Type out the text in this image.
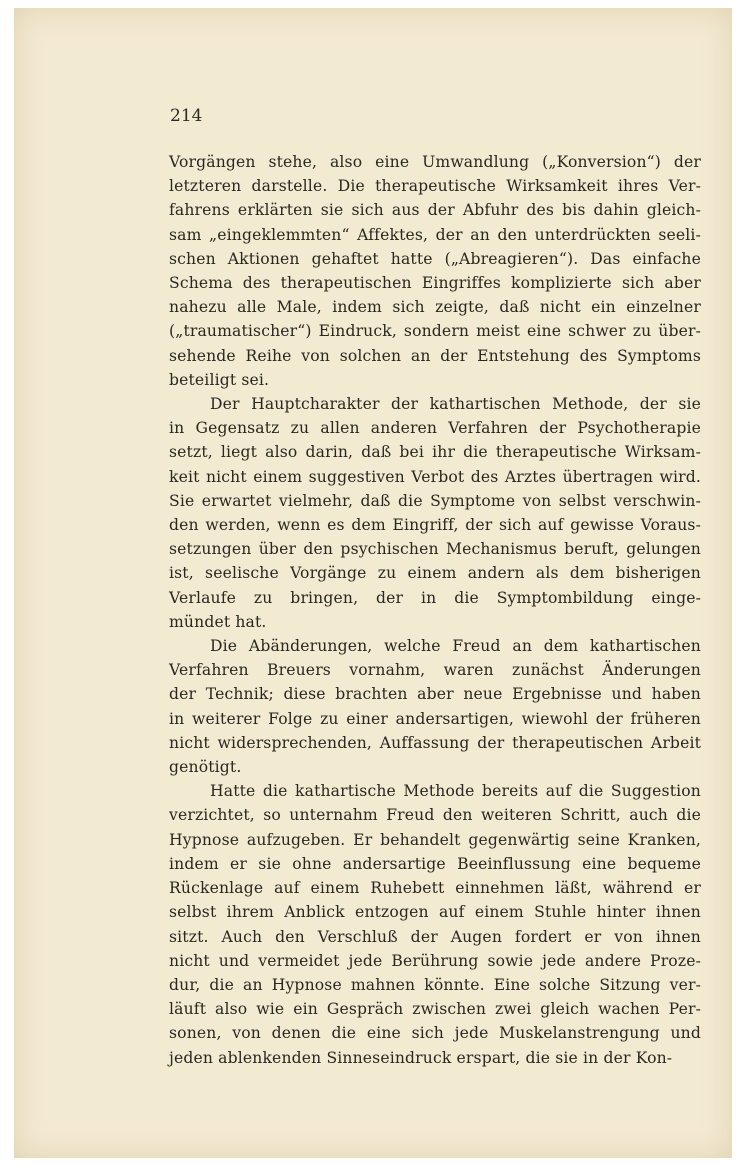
214
Vorgängen stehe, also eine Umwandlung („Konversion“) der
letzteren darstelle. Die therapeutische Wirksamkeit ihres Ver-
fahrens erklärten sie sich aus der Abfuhr des bis dahin gleich-
sam „eingeklemmten“ Affektes, der an den unterdrückten seeli-
schen Aktionen gehaftet hatte („Abreagieren“). Das einfache
Schema des therapeutischen Eingriffes komplizierte sich aber
nahezu alle Male, indem sich zeigte, daß nicht ein einzelner
(„traumatischer“) Eindruck, sondern meist eine schwer zu über-
sehende Reihe von solchen an der Entstehung des Symptoms
beteiligt sei.
Der Hauptcharakter der kathartischen Methode, der sie
in Gegensatz zu allen anderen Verfahren der Psychotherapie
setzt, liegt also darin, daß bei ihr die therapeutische Wirksam-
keit nicht einem suggestiven Verbot des Arztes übertragen wird.
Sie erwartet vielmehr, daß die Symptome von selbst verschwin-
den werden, wenn es dem Eingriff, der sich auf gewisse Voraus-
setzungen über den psychischen Mechanismus beruft, gelungen
ist, seelische Vorgänge zu einem andern als dem bisherigen
Verlaufe zu bringen, der in die Symptombildung einge-
mündet hat.
Die Abänderungen, welche Freud an dem kathartischen
Verfahren Breuers vornahm, waren zunächst Änderungen
der Technik; diese brachten aber neue Ergebnisse und haben
in weiterer Folge zu einer andersartigen, wiewohl der früheren
nicht widersprechenden, Auffassung der therapeutischen Arbeit
genötigt.
Hatte die kathartische Methode bereits auf die Suggestion
verzichtet, so unternahm Freud den weiteren Schritt, auch die
Hypnose aufzugeben. Er behandelt gegenwärtig seine Kranken,
indem er sie ohne andersartige Beeinflussung eine bequeme
Rückenlage auf einem Ruhebett einnehmen läßt, während er
selbst ihrem Anblick entzogen auf einem Stuhle hinter ihnen
sitzt. Auch den Verschluß der Augen fordert er von ihnen
nicht und vermeidet jede Berührung sowie jede andere Proze-
dur, die an Hypnose mahnen könnte. Eine solche Sitzung ver-
läuft also wie ein Gespräch zwischen zwei gleich wachen Per-
sonen, von denen die eine sich jede Muskelanstrengung und
jeden ablenkenden Sinneseindruck erspart, die sie in der Kon-
